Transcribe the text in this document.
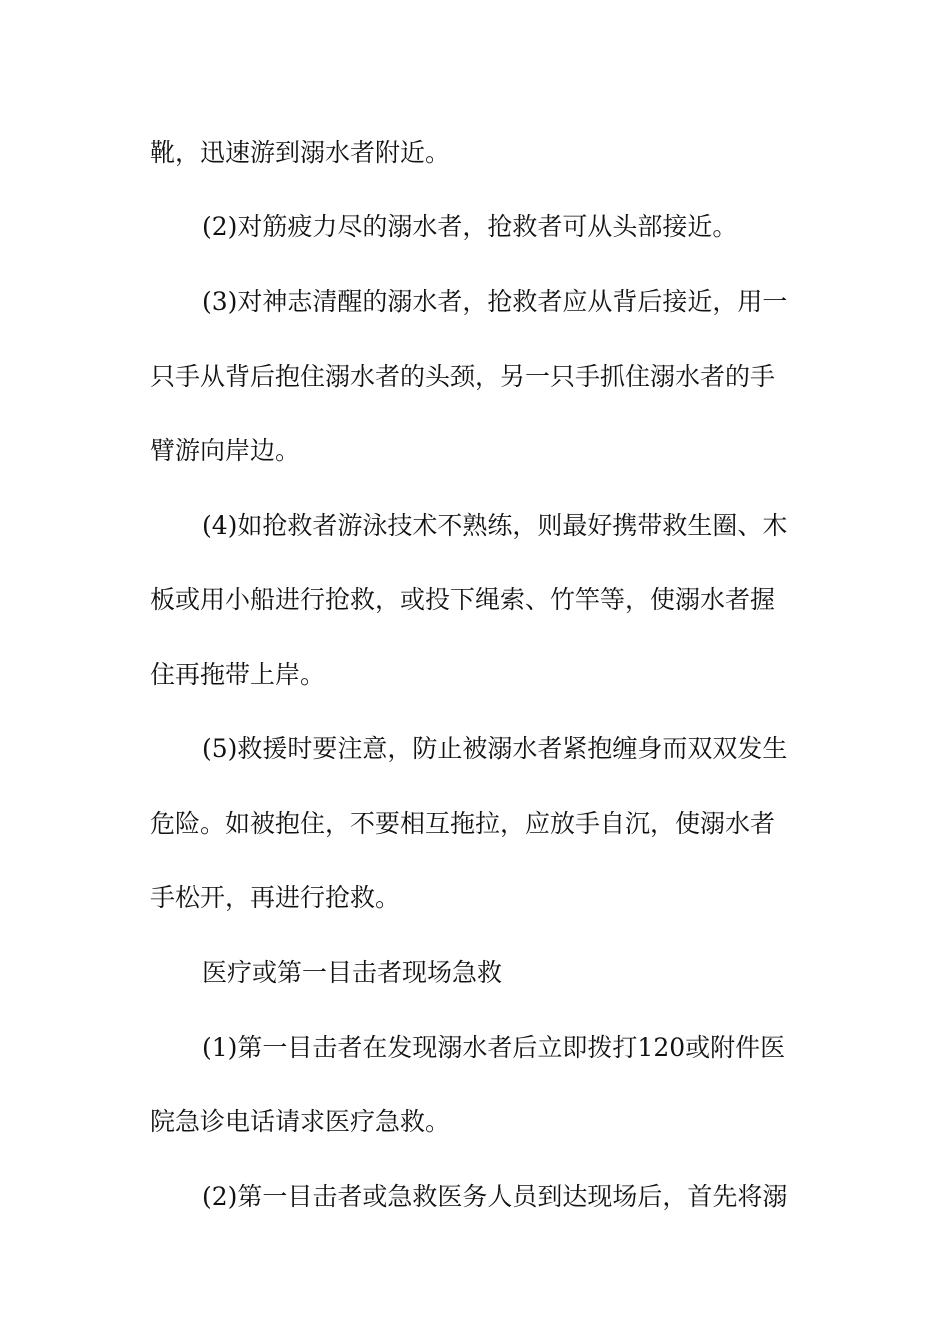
靴，迅速游到溺水者附近。
(2)对筋疲力尽的溺水者，抢救者可从头部接近。
(3)对神志清醒的溺水者，抢救者应从背后接近，用一
只手从背后抱住溺水者的头颈，另一只手抓住溺水者的手
臂游向岸边。
(4)如抢救者游泳技术不熟练，则最好携带救生圈、木
板或用小船进行抢救，或投下绳索、竹竿等，使溺水者握
住再拖带上岸。
(5)救援时要注意，防止被溺水者紧抱缠身而双双发生
危险。如被抱住，不要相互拖拉，应放手自沉，使溺水者
手松开，再进行抢救。
医疗或第一目击者现场急救
(1)第一目击者在发现溺水者后立即拨打120或附件医
院急诊电话请求医疗急救。
(2)第一目击者或急救医务人员到达现场后，首先将溺
